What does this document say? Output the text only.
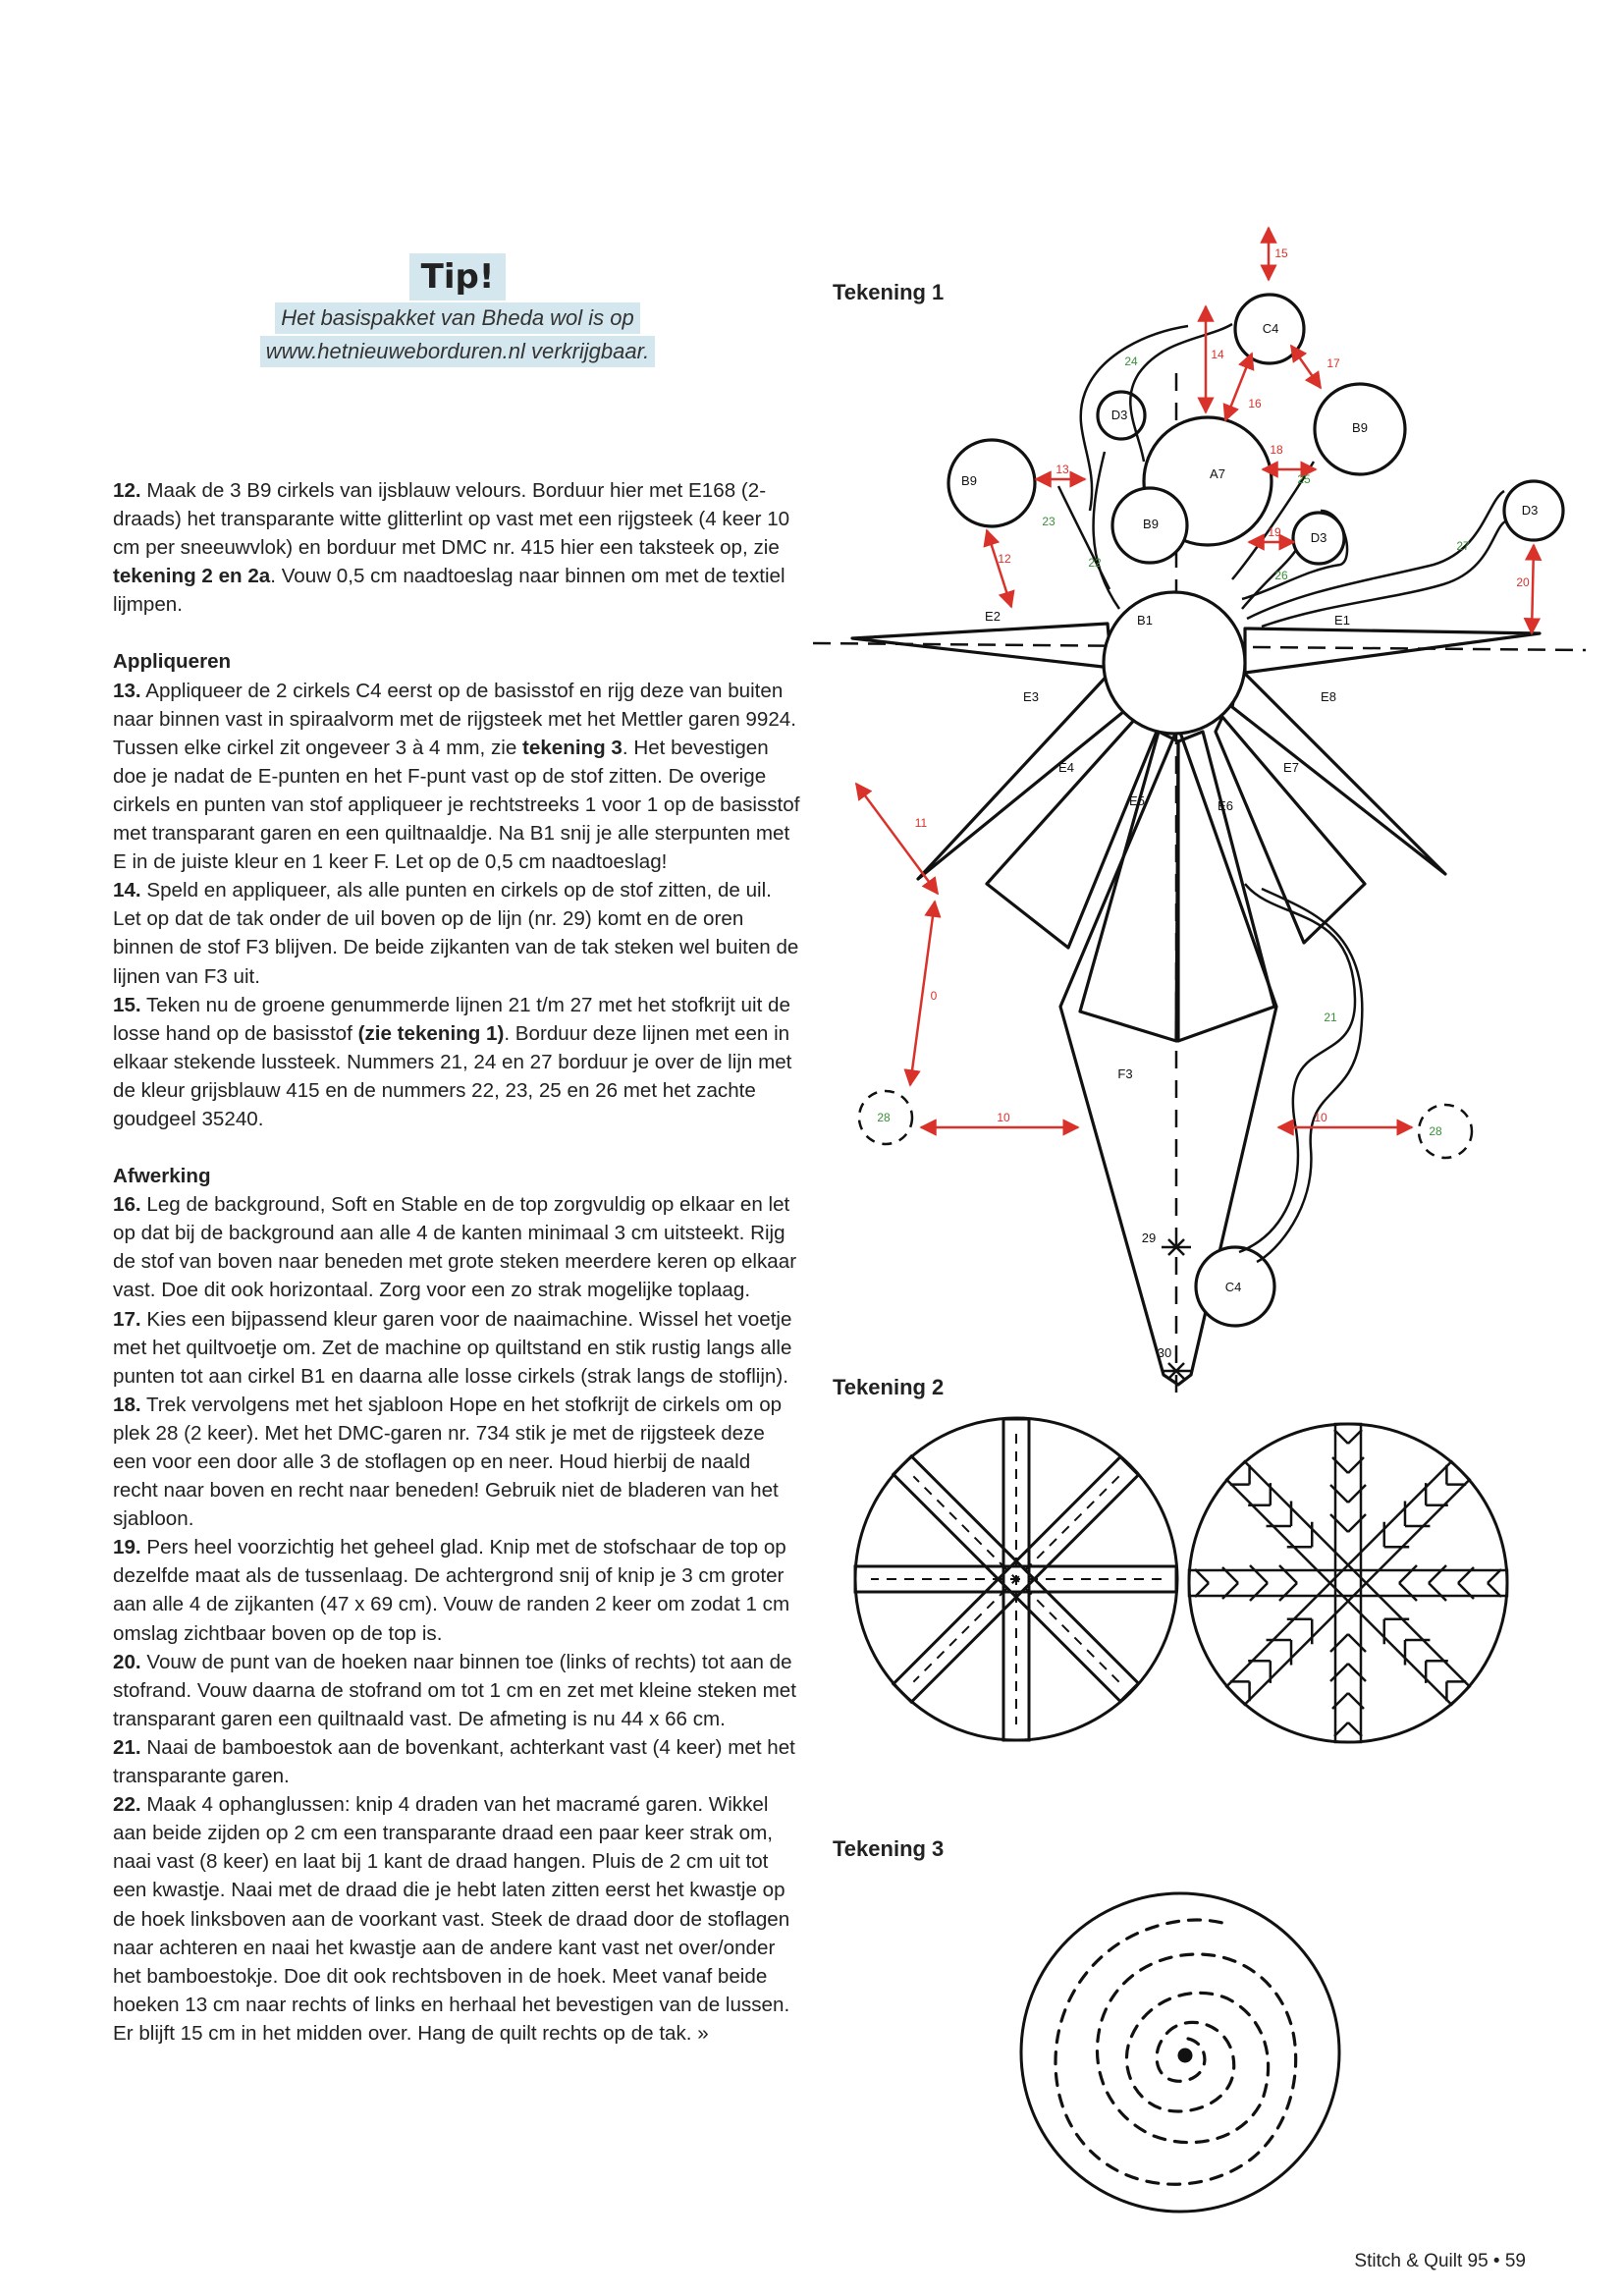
Tip!
Het basispakket van Bheda wol is op
www.hetnieuweborduren.nl verkrijgbaar.

12. Maak de 3 B9 cirkels van ijsblauw velours. Borduur hier met E168 (2-draads) het transparante witte glitterlint op vast met een rijgsteek (4 keer 10 cm per sneeuwvlok) en borduur met DMC nr. 415 hier een taksteek op, zie tekening 2 en 2a. Vouw 0,5 cm naadtoeslag naar binnen om met de textiel lijmpen.

Appliqueren

13. Appliqueer de 2 cirkels C4 eerst op de basisstof en rijg deze van buiten naar binnen vast in spiraalvorm met de rijgsteek met het Mettler garen 9924. Tussen elke cirkel zit ongeveer 3 à 4 mm, zie tekening 3. Het bevestigen doe je nadat de E-punten en het F-punt vast op de stof zitten. De overige cirkels en punten van stof appliqueer je rechtstreeks 1 voor 1 op de basisstof met transparant garen en een quiltnaaldje. Na B1 snij je alle sterpunten met E in de juiste kleur en 1 keer F. Let op de 0,5 cm naadtoeslag!

14. Speld en appliqueer, als alle punten en cirkels op de stof zitten, de uil. Let op dat de tak onder de uil boven op de lijn (nr. 29) komt en de oren binnen de stof F3 blijven. De beide zijkanten van de tak steken wel buiten de lijnen van F3 uit.

15. Teken nu de groene genummerde lijnen 21 t/m 27 met het stofkrijt uit de losse hand op de basisstof (zie tekening 1). Borduur deze lijnen met een in elkaar stekende lussteek. Nummers 21, 24 en 27 borduur je over de lijn met de kleur grijsblauw 415 en de nummers 22, 23, 25 en 26 met het zachte goudgeel 35240.

Afwerking

16. Leg de background, Soft en Stable en de top zorgvuldig op elkaar en let op dat bij de background aan alle 4 de kanten minimaal 3 cm uitsteekt. Rijg de stof van boven naar beneden met grote steken meerdere keren op elkaar vast. Doe dit ook horizontaal. Zorg voor een zo strak mogelijke toplaag.

17. Kies een bijpassend kleur garen voor de naaimachine. Wissel het voetje met het quiltvoetje om. Zet de machine op quiltstand en stik rustig langs alle punten tot aan cirkel B1 en daarna alle losse cirkels (strak langs de stoflijn).

18. Trek vervolgens met het sjabloon Hope en het stofkrijt de cirkels om op plek 28 (2 keer). Met het DMC-garen nr. 734 stik je met de rijgsteek deze een voor een door alle 3 de stoflagen op en neer. Houd hierbij de naald recht naar boven en recht naar beneden! Gebruik niet de bladeren van het sjabloon.

19. Pers heel voorzichtig het geheel glad. Knip met de stofschaar de top op dezelfde maat als de tussenlaag. De achtergrond snij of knip je 3 cm groter aan alle 4 de zijkanten (47 x 69 cm). Vouw de randen 2 keer om zodat 1 cm omslag zichtbaar boven op de top is.

20. Vouw de punt van de hoeken naar binnen toe (links of rechts) tot aan de stofrand. Vouw daarna de stofrand om tot 1 cm en zet met kleine steken met transparant garen een quiltnaald vast. De afmeting is nu 44 x 66 cm.

21. Naai de bamboestok aan de bovenkant, achterkant vast (4 keer) met het transparante garen.

22. Maak 4 ophanglussen: knip 4 draden van het macramé garen. Wikkel aan beide zijden op 2 cm een transparante draad een paar keer strak om, naai vast (8 keer) en laat bij 1 kant de draad hangen. Pluis de 2 cm uit tot een kwastje. Naai met de draad die je hebt laten zitten eerst het kwastje op de hoek linksboven aan de voorkant vast. Steek de draad door de stoflagen naar achteren en naai het kwastje aan de andere kant vast net over/onder het bamboestokje. Doe dit ook rechtsboven in de hoek. Meet vanaf beide hoeken 13 cm naar rechts of links en herhaal het bevestigen van de lussen. Er blijft 15 cm in het midden over. Hang de quilt rechts op de tak. »

Tekening 1
Tekening 2
Tekening 3
C4
B9
B9
B9
D3
D3
D3
A7
B1	E1
E2
E3
E4
E5	E6
E7
E8
F3
C4
29
30
28
28
15
14
16
17
13
18
19
12
20
11
0
10	10
24
23
22
25
26
27
21
Stitch & Quilt 95 • 59
